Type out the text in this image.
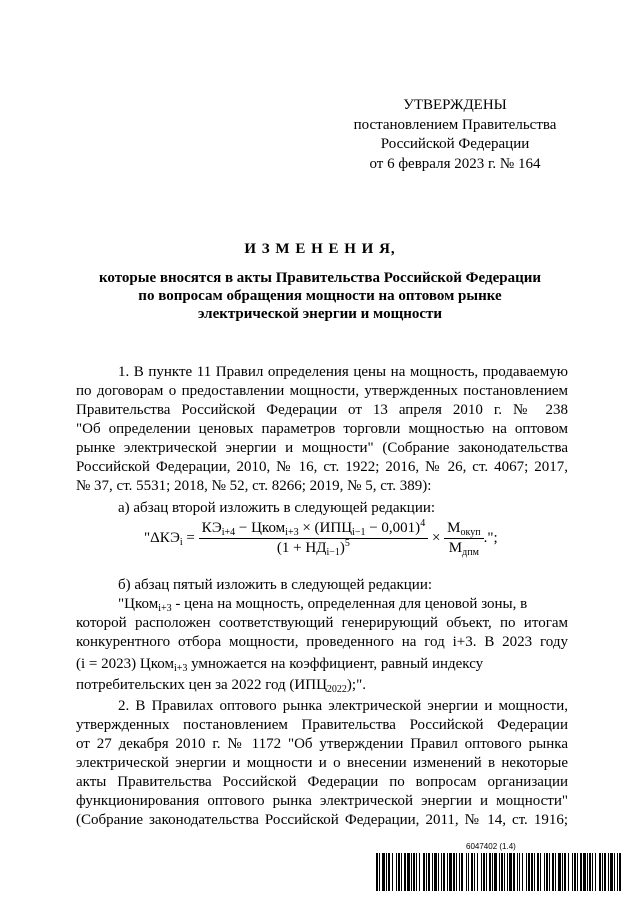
УТВЕРЖДЕНЫ
постановлением Правительства
Российской Федерации
от 6 февраля 2023 г. № 164
И З М Е Н Е Н И Я,
которые вносятся в акты Правительства Российской Федерации
по вопросам обращения мощности на оптовом рынке
электрической энергии и мощности
1. В пункте 11 Правил определения цены на мощность, продаваемую
по договорам о предоставлении мощности, утвержденных постановлением
Правительства Российской Федерации от 13 апреля 2010 г. № 238
"Об определении ценовых параметров торговли мощностью на оптовом
рынке электрической энергии и мощности" (Собрание законодательства
Российской Федерации, 2010, № 16, ст. 1922; 2016, № 26, ст. 4067; 2017,
№ 37, ст. 5531; 2018, № 52, ст. 8266; 2019, № 5, ст. 389):
а) абзац второй изложить в следующей редакции:
"$\Delta КЭ_i = \frac{КЭ_{i+4} - Цком_{i+3} \times (ИПЦ_{i-1} - 0,001)^4}{(1 + НД_{i-1})^5} \times \frac{М_{окуп}}{М_{дпм}}$ .";
б) абзац пятый изложить в следующей редакции:
"Цком$_{i+3}$ - цена на мощность, определенная для ценовой зоны, в
которой расположен соответствующий генерирующий объект, по итогам
конкурентного отбора мощности, проведенного на год i+3. В 2023 году
(i = 2023) Цком$_{i+3}$ умножается на коэффициент, равный индексу
потребительских цен за 2022 год $(ИПЦ_{2022})$;".
2. В Правилах оптового рынка электрической энергии и мощности,
утвержденных постановлением Правительства Российской Федерации
от 27 декабря 2010 г. № 1172 "Об утверждении Правил оптового рынка
электрической энергии и мощности и о внесении изменений в некоторые
акты Правительства Российской Федерации по вопросам организации
функционирования оптового рынка электрической энергии и мощности"
(Собрание законодательства Российской Федерации, 2011, № 14, ст. 1916;
6047402 (1.4)
